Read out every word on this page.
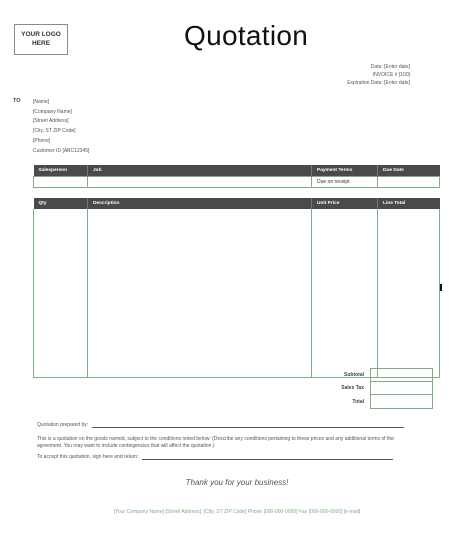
YOUR LOGO HERE	Quotation
Date: [Enter date]
INVOICE # [100]
Expiration Date: [Enter date]
TO [Name]
[Company Name]
[Street Address]
[City, ST ZIP Code]
[Phone]
Customer ID [ABC12345]
Salesperson	Job	Payment Terms	Due Date
		Due on receipt	
Qty	Description	Unit Price	Line Total

Subtotal
Sales Tax
Total
Quotation prepared by:
This is a quotation on the goods named, subject to the conditions noted below: (Describe any conditions pertaining to these prices and any additional terms of the agreement. You may want to include contingencies that will affect the quotation.)
To accept this quotation, sign here and return:
Thank you for your business!
[Your Company Name] [Street Address], [City, ST ZIP Code] Phone [000-000-0000] Fax [000-000-0000] [e-mail]
